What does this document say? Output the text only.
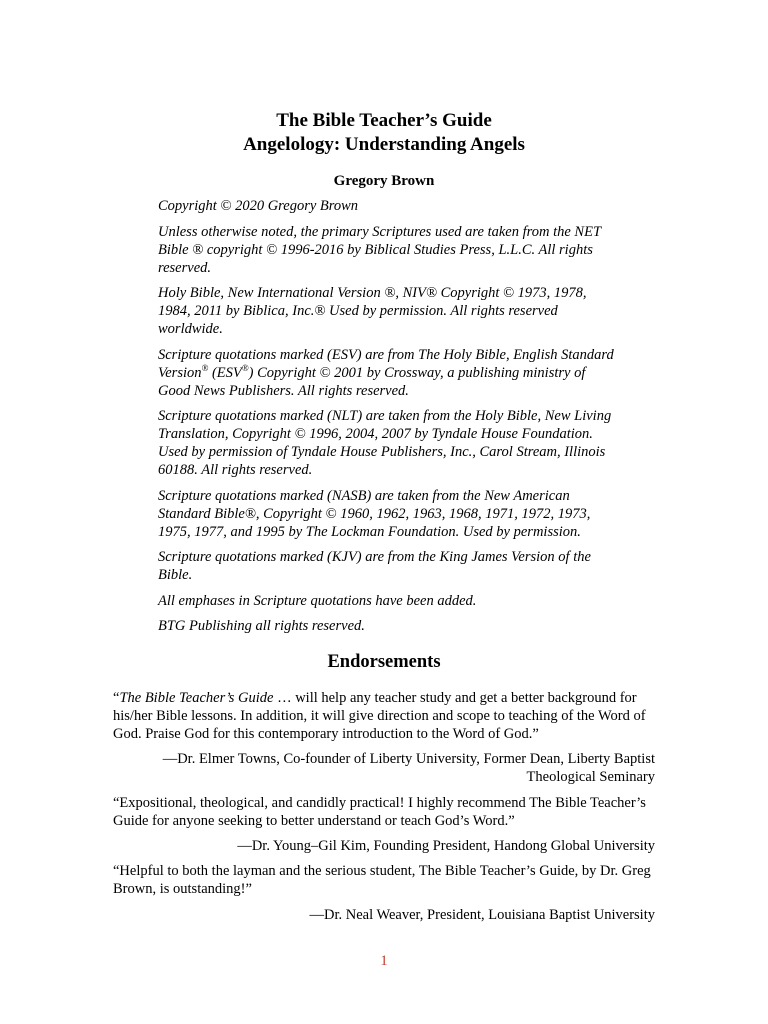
The Bible Teacher’s Guide
Angelology: Understanding Angels
Gregory Brown

Copyright © 2020 Gregory Brown

Unless otherwise noted, the primary Scriptures used are taken from the NET Bible ® copyright © 1996-2016 by Biblical Studies Press, L.L.C. All rights reserved.

Holy Bible, New International Version ®, NIV® Copyright © 1973, 1978, 1984, 2011 by Biblica, Inc.® Used by permission. All rights reserved worldwide.

Scripture quotations marked (ESV) are from The Holy Bible, English Standard Version® (ESV®) Copyright © 2001 by Crossway, a publishing ministry of Good News Publishers. All rights reserved.

Scripture quotations marked (NLT) are taken from the Holy Bible, New Living Translation, Copyright © 1996, 2004, 2007 by Tyndale House Foundation. Used by permission of Tyndale House Publishers, Inc., Carol Stream, Illinois 60188. All rights reserved.

Scripture quotations marked (NASB) are taken from the New American Standard Bible®, Copyright © 1960, 1962, 1963, 1968, 1971, 1972, 1973, 1975, 1977, and 1995 by The Lockman Foundation. Used by permission.

Scripture quotations marked (KJV) are from the King James Version of the Bible.

All emphases in Scripture quotations have been added.

BTG Publishing all rights reserved.

Endorsements

“The Bible Teacher’s Guide … will help any teacher study and get a better background for his/her Bible lessons. In addition, it will give direction and scope to teaching of the Word of God. Praise God for this contemporary introduction to the Word of God.”

—Dr. Elmer Towns, Co-founder of Liberty University, Former Dean, Liberty Baptist Theological Seminary

“Expositional, theological, and candidly practical! I highly recommend The Bible Teacher’s Guide for anyone seeking to better understand or teach God’s Word.”

—Dr. Young–Gil Kim, Founding President, Handong Global University

“Helpful to both the layman and the serious student, The Bible Teacher’s Guide, by Dr. Greg Brown, is outstanding!”

—Dr. Neal Weaver, President, Louisiana Baptist University

1
